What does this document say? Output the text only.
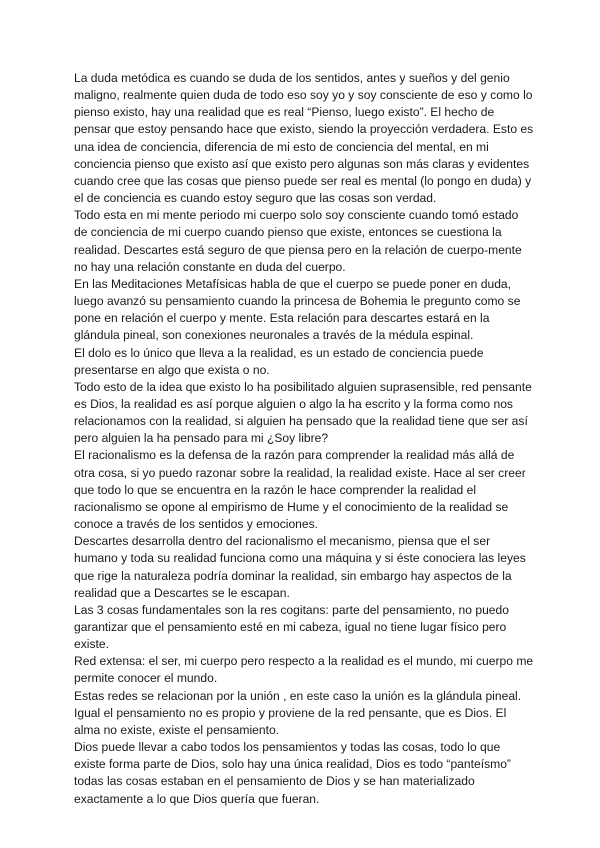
La duda metódica es cuando se duda de los sentidos, antes y sueños y del genio maligno, realmente quien duda de todo eso soy yo y soy consciente de eso y como lo pienso existo, hay una realidad que es real “Pienso, luego existo”. El hecho de pensar que estoy pensando hace que existo, siendo la proyección verdadera. Esto es una idea de conciencia, diferencia de mi esto de conciencia del mental, en mi conciencia pienso que existo así que existo pero algunas son más claras y evidentes cuando cree que las cosas que pienso puede ser real es mental (lo pongo en duda) y el de conciencia es cuando estoy seguro que las cosas son verdad.

Todo esta en mi mente periodo mi cuerpo solo soy consciente cuando tomó estado de conciencia de mi cuerpo cuando pienso que existe, entonces se cuestiona la realidad. Descartes está seguro de que piensa pero en la relación de cuerpo-mente no hay una relación constante en duda del cuerpo.

En las Meditaciones Metafísicas habla de que el cuerpo se puede poner en duda, luego avanzó su pensamiento cuando la princesa de Bohemia le pregunto como se pone en relación el cuerpo y mente. Esta relación para descartes estará en la glándula pineal, son conexiones neuronales a través de la médula espinal.

El dolo es lo único que lleva a la realidad, es un estado de conciencia puede presentarse en algo que exista o no.

Todo esto de la idea que existo lo ha posibilitado alguien suprasensible, red pensante es Dios, la realidad es así porque alguien o algo la ha escrito y la forma como nos relacionamos con la realidad, si alguien ha pensado que la realidad tiene que ser así pero alguien la ha pensado para mi ¿Soy libre?

El racionalismo es la defensa de la razón para comprender la realidad más allá de otra cosa, si yo puedo razonar sobre la realidad, la realidad existe. Hace al ser creer que todo lo que se encuentra en la razón le hace comprender la realidad el racionalismo se opone al empirismo de Hume y el conocimiento de la realidad se conoce a través de los sentidos y emociones.

Descartes desarrolla dentro del racionalismo el mecanismo, piensa que el ser humano y toda su realidad funciona como una máquina y si éste conociera las leyes que rige la naturaleza podría dominar la realidad, sin embargo hay aspectos de la realidad que a Descartes se le escapan.

Las 3 cosas fundamentales son la res cogitans: parte del pensamiento, no puedo garantizar que el pensamiento esté en mi cabeza, igual no tiene lugar físico pero existe.

Red extensa: el ser, mi cuerpo pero respecto a la realidad es el mundo, mi cuerpo me permite conocer el mundo.

Estas redes se relacionan por la unión , en este caso la unión es la glándula pineal. Igual el pensamiento no es propio y proviene de la red pensante, que es Dios. El alma no existe, existe el pensamiento.

Dios puede llevar a cabo todos los pensamientos y todas las cosas, todo lo que existe forma parte de Dios, solo hay una única realidad, Dios es todo “panteísmo” todas las cosas estaban en el pensamiento de Dios y se han materializado exactamente a lo que Dios quería que fueran.
